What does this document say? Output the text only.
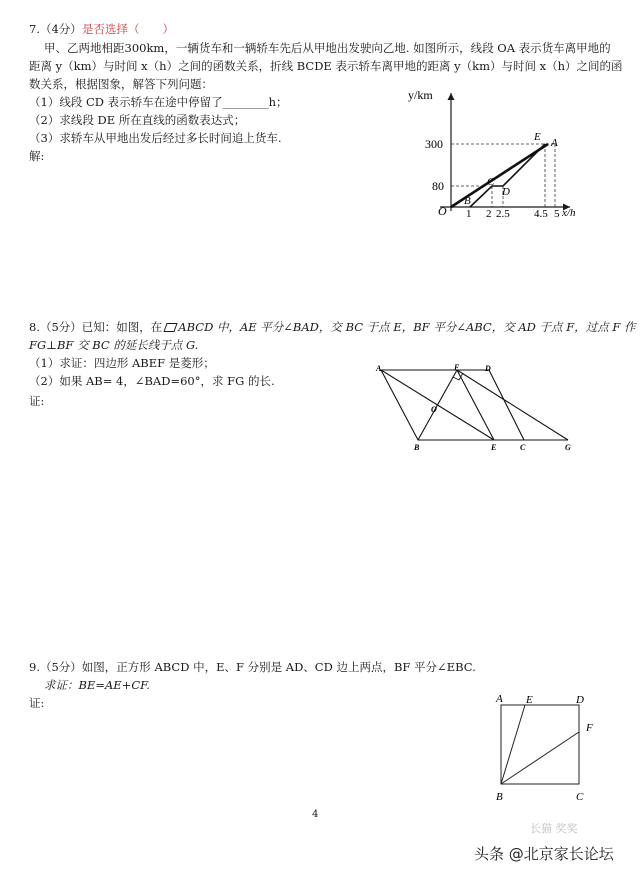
7.（4分） 是否选择（　　）
甲、乙两地相距300km，一辆货车和一辆轿车先后从甲地出发驶向乙地. 如图所示，线段 OA 表示货车离甲地的
距离 y（km）与时间 x（h）之间的函数关系，折线 BCDE 表示轿车离甲地的距离 y（km）与时间 x（h）之间的函
数关系，根据图象，解答下列问题：
（1）线段 CD 表示轿车在途中停留了________h；
（2）求线段 DE 所在直线的函数表达式；
（3）求轿车从甲地出发后经过多长时间追上货车.
解:
y/km
x/h
300
80
O 1 2 2.5 4.5 5
A
E
B
C
D
8.（5分）已知：如图，在 ABCD 中，AE 平分∠BAD，交 BC 于点 E，BF 平分∠ABC，交 AD 于点 F，过点 F 作
FG⊥BF 交 BC 的延长线于点 G.
（1）求证：四边形 ABEF 是菱形；
（2）如果 AB= 4，∠BAD=60°，求 FG 的长.
证:
A	F	D
O
B	E	C	G
9.（5分）如图，正方形 ABCD 中，E、F 分别是 AD、CD 边上两点，BF 平分∠EBC.
求证：BE=AE+CF.
证:	A E	D
F
B	C
4
长猫 奖奖
头条 @北京家长论坛
